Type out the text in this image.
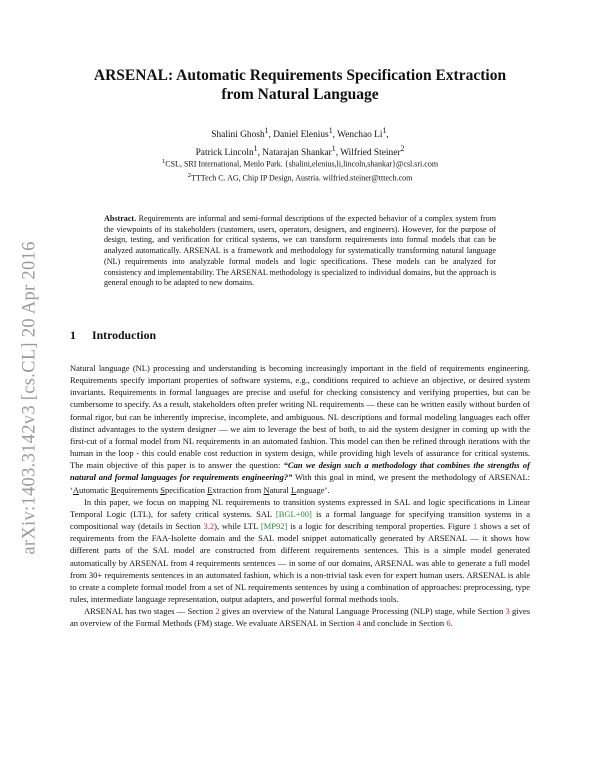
arXiv:1403.3142v3 [cs.CL] 20 Apr 2016
ARSENAL: Automatic Requirements Specification Extraction
from Natural Language
Shalini Ghosh$^1$, Daniel Elenius$^1$, Wenchao Li$^1$,
Patrick Lincoln$^1$, Natarajan Shankar$^1$, Wilfried Steiner$^2$
$^1$CSL, SRI International, Menlo Park. {shalini,elenius,li,lincoln,shankar}@csl.sri.com
$^2$TTTech C. AG, Chip IP Design, Austria. wilfried.steiner@tttech.com
Abstract. Requirements are informal and semi-formal descriptions of the expected behavior of a complex system from the viewpoints of its stakeholders (customers, users, operators, designers, and engineers). However, for the purpose of design, testing, and verification for critical systems, we can transform requirements into formal models that can be analyzed automatically. ARSENAL is a framework and methodology for systematically transforming natural language (NL) requirements into analyzable formal models and logic specifications. These models can be analyzed for consistency and implementability. The ARSENAL methodology is specialized to individual domains, but the approach is general enough to be adapted to new domains.
1 Introduction

Natural language (NL) processing and understanding is becoming increasingly important in the field of requirements engineering. Requirements specify important properties of software systems, e.g., conditions required to achieve an objective, or desired system invariants. Requirements in formal languages are precise and useful for checking consistency and verifying properties, but can be cumbersome to specify. As a result, stakeholders often prefer writing NL requirements — these can be written easily without burden of formal rigor, but can be inherently imprecise, incomplete, and ambiguous. NL descriptions and formal modeling languages each offer distinct advantages to the system designer — we aim to leverage the best of both, to aid the system designer in coming up with the first-cut of a formal model from NL requirements in an automated fashion. This model can then be refined through iterations with the human in the loop - this could enable cost reduction in system design, while providing high levels of assurance for critical systems. The main objective of this paper is to answer the question: “Can we design such a methodology that combines the strengths of natural and formal languages for requirements engineering?” With this goal in mind, we present the methodology of ARSENAL: ‘Automatic Requirements Specification Extraction from Natural Language’.

In this paper, we focus on mapping NL requirements to transition systems expressed in SAL and logic specifications in Linear Temporal Logic (LTL), for safety critical systems. SAL [BGL+00] is a formal language for specifying transition systems in a compositional way (details in Section 3.2), while LTL [MP92] is a logic for describing temporal properties. Figure 1 shows a set of requirements from the FAA-Isolette domain and the SAL model snippet automatically generated by ARSENAL — it shows how different parts of the SAL model are constructed from different requirements sentences. This is a simple model generated automatically by ARSENAL from 4 requirements sentences — in some of our domains, ARSENAL was able to generate a full model from 30+ requirements sentences in an automated fashion, which is a non-trivial task even for expert human users. ARSENAL is able to create a complete formal model from a set of NL requirements sentences by using a combination of approaches: preprocessing, type rules, intermediate language representation, output adapters, and powerful formal methods tools.

ARSENAL has two stages — Section 2 gives an overview of the Natural Language Processing (NLP) stage, while Section 3 gives an overview of the Formal Methods (FM) stage. We evaluate ARSENAL in Section 4 and conclude in Section 6.
